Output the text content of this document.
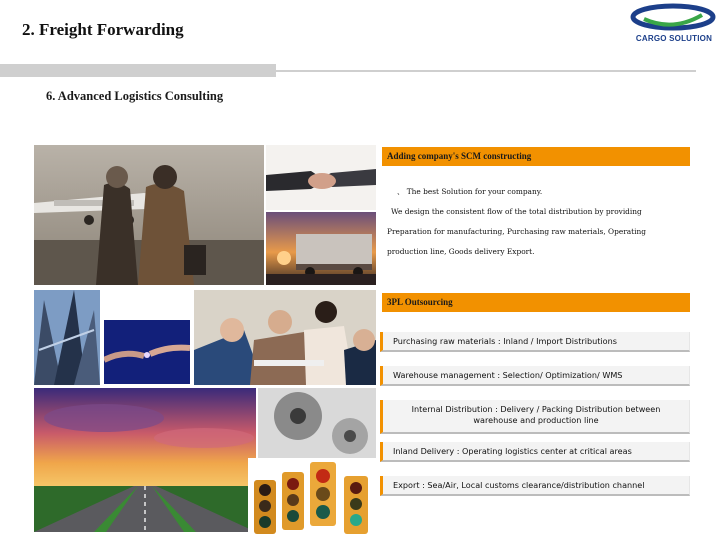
2. Freight Forwarding	CARGO SOLUTION
6. Advanced Logistics Consulting
Adding company's SCM constructing
、 The best Solution for your company.
We design the consistent flow of the total distribution by providing
Preparation for manufacturing, Purchasing raw materials, Operating
production line, Goods delivery Export.
3PL Outsourcing
Purchasing raw materials : Inland / Import Distributions
Warehouse management : Selection/ Optimization/ WMS
Internal Distribution : Delivery / Packing Distribution between warehouse and production line
Inland Delivery : Operating logistics center at critical areas
Export : Sea/Air, Local customs clearance/distribution channel
